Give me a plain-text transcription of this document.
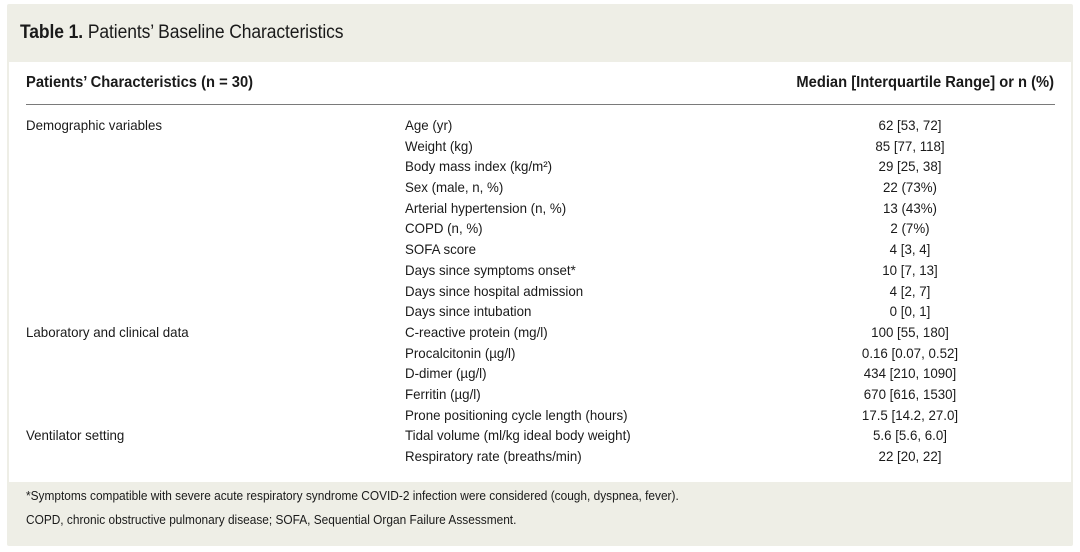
Table 1. Patients’ Baseline Characteristics
Patients’ Characteristics (n = 30)	Median [Interquartile Range] or n (%)
Demographic variables	Age (yr)	62 [53, 72]
Weight (kg)	85 [77, 118]
Body mass index (kg/m²)	29 [25, 38]
Sex (male, n, %)	22 (73%)
Arterial hypertension (n, %)	13 (43%)
COPD (n, %)	2 (7%)
SOFA score	4 [3, 4]
Days since symptoms onset*	10 [7, 13]
Days since hospital admission	4 [2, 7]
Days since intubation	0 [0, 1]
Laboratory and clinical data	C-reactive protein (mg/l)	100 [55, 180]
Procalcitonin (µg/l)	0.16 [0.07, 0.52]
D-dimer (µg/l)	434 [210, 1090]
Ferritin (µg/l)	670 [616, 1530]
Prone positioning cycle length (hours)	17.5 [14.2, 27.0]
Ventilator setting	Tidal volume (ml/kg ideal body weight)	5.6 [5.6, 6.0]
Respiratory rate (breaths/min)	22 [20, 22]
*Symptoms compatible with severe acute respiratory syndrome COVID-2 infection were considered (cough, dyspnea, fever).
COPD, chronic obstructive pulmonary disease; SOFA, Sequential Organ Failure Assessment.
